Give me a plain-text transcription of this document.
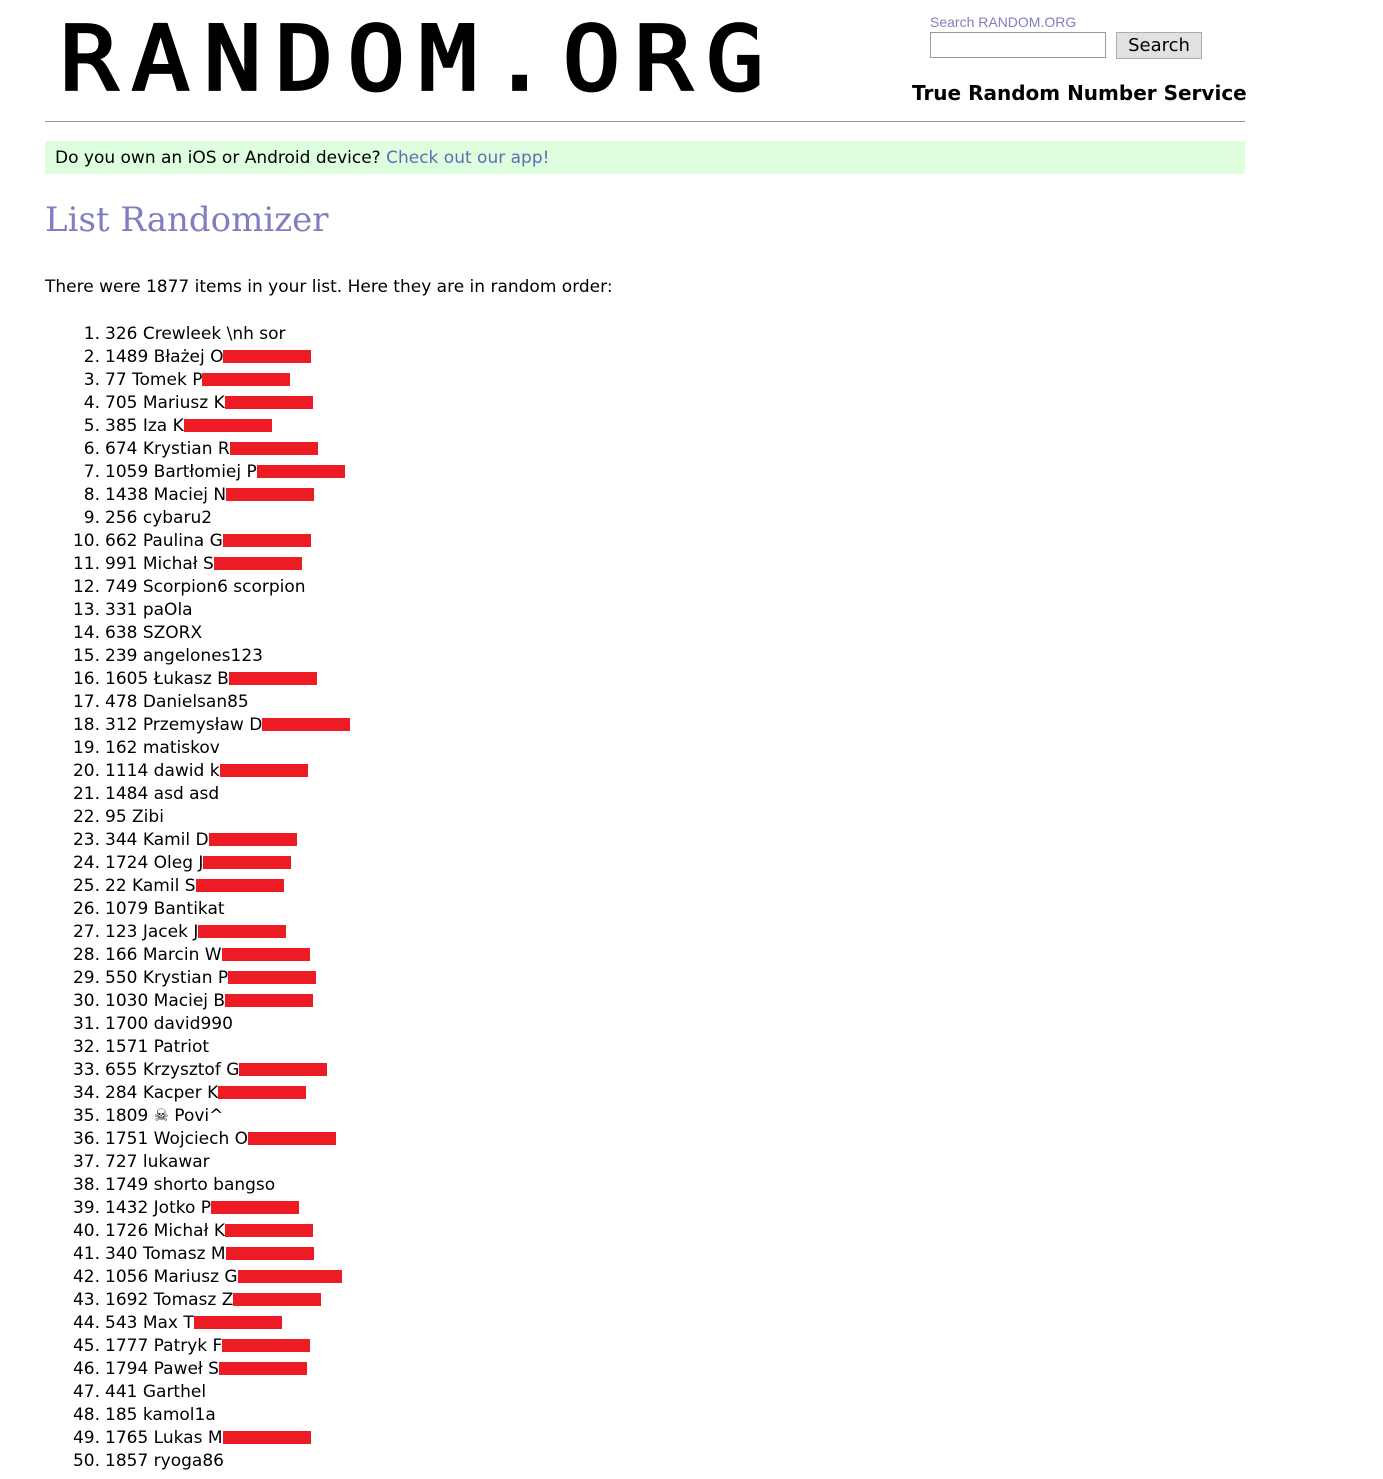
RANDOM.ORG	Search RANDOM.ORG
Search
True Random Number Service
Do you own an iOS or Android device? Check out our app!
List Randomizer
There were 1877 items in your list. Here they are in random order:
1. 326 Crewleek \nh sor
2. 1489 Błażej O
3. 77 Tomek P
4. 705 Mariusz K
5. 385 Iza K
6. 674 Krystian R
7. 1059 Bartłomiej P
8. 1438 Maciej N
9. 256 cybaru2
10. 662 Paulina G
11. 991 Michał S
12. 749 Scorpion6 scorpion
13. 331 paOla
14. 638 SZORX
15. 239 angelones123
16. 1605 Łukasz B
17. 478 Danielsan85
18. 312 Przemysław D
19. 162 matiskov
20. 1114 dawid k
21. 1484 asd asd
22. 95 Zibi
23. 344 Kamil D
24. 1724 Oleg J
25. 22 Kamil S
26. 1079 Bantikat
27. 123 Jacek J
28. 166 Marcin W
29. 550 Krystian P
30. 1030 Maciej B
31. 1700 david990
32. 1571 Patriot
33. 655 Krzysztof G
34. 284 Kacper K
35. 1809 ☠ Povi^
36. 1751 Wojciech O
37. 727 lukawar
38. 1749 shorto bangso
39. 1432 Jotko P
40. 1726 Michał K
41. 340 Tomasz M
42. 1056 Mariusz G
43. 1692 Tomasz Z
44. 543 Max T
45. 1777 Patryk F
46. 1794 Paweł S
47. 441 Garthel
48. 185 kamol1a
49. 1765 Lukas M
50. 1857 ryoga86
